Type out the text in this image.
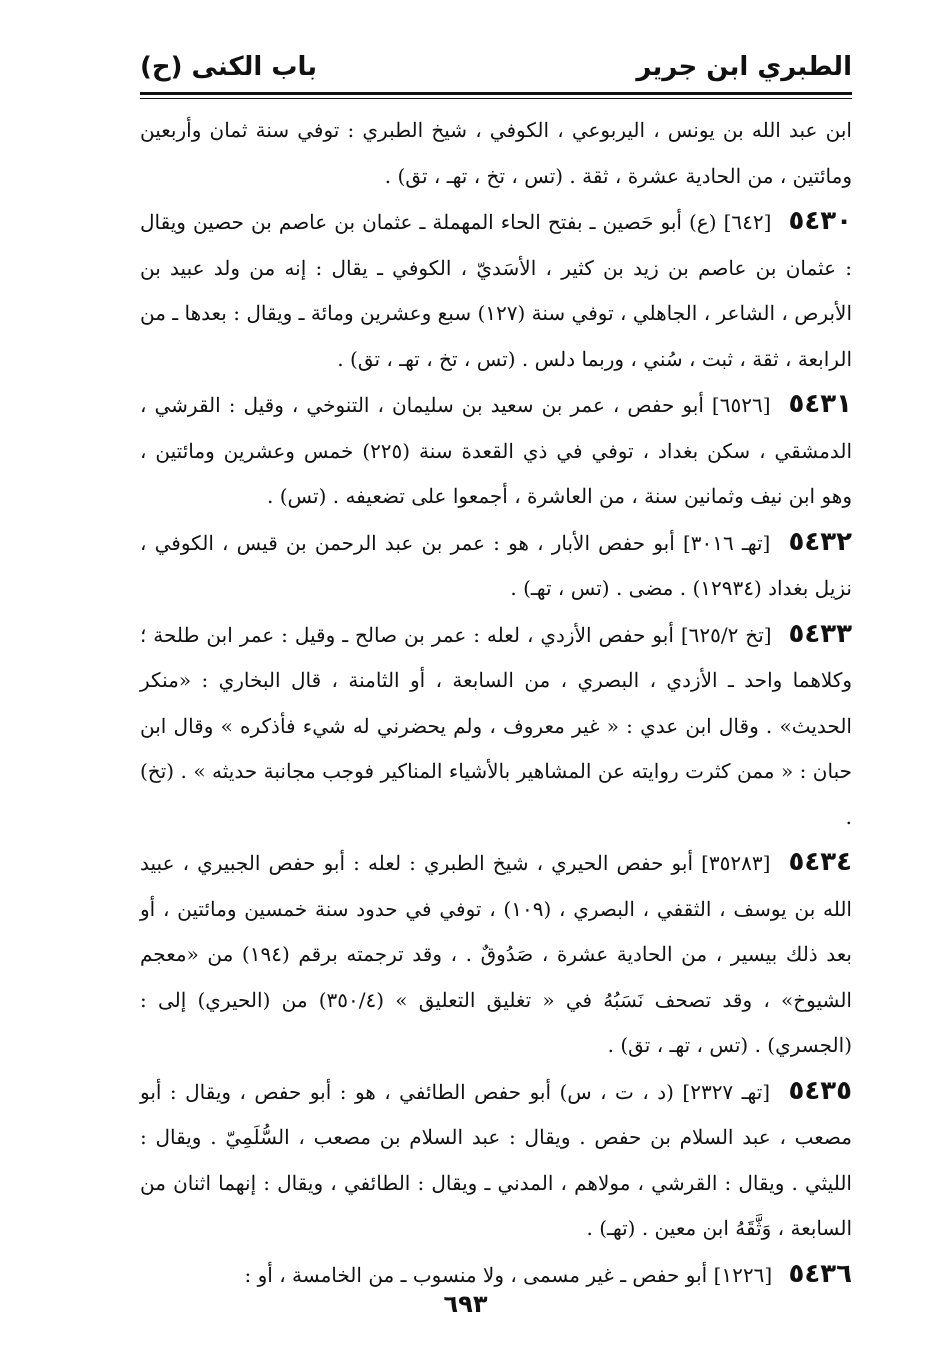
الطبري ابن جرير
باب الكنى (ح)

ابن عبد الله بن يونس ، اليربوعي ، الكوفي ، شيخ الطبري : توفي سنة ثمان وأربعين ومائتين ، من الحادية عشرة ، ثقة . (تس ، تخ ، تهـ ، تق) .

٥٤٣٠ [٦٤٢] (ع) أبو حَصين ـ بفتح الحاء المهملة ـ عثمان بن عاصم بن حصين ويقال : عثمان بن عاصم بن زيد بن كثير ، الأسَديّ ، الكوفي ـ يقال : إنه من ولد عبيد بن الأبرص ، الشاعر ، الجاهلي ، توفي سنة (١٢٧) سبع وعشرين ومائة ـ ويقال : بعدها ـ من الرابعة ، ثقة ، ثبت ، سُني ، وربما دلس . (تس ، تخ ، تهـ ، تق) .

٥٤٣١ [٦٥٢٦] أبو حفص ، عمر بن سعيد بن سليمان ، التنوخي ، وقيل : القرشي ، الدمشقي ، سكن بغداد ، توفي في ذي القعدة سنة (٢٢٥) خمس وعشرين ومائتين ، وهو ابن نيف وثمانين سنة ، من العاشرة ، أجمعوا على تضعيفه . (تس) .

٥٤٣٢ [تهـ ٣٠١٦] أبو حفص الأبار ، هو : عمر بن عبد الرحمن بن قيس ، الكوفي ، نزيل بغداد (١٢٩٣٤) . مضى . (تس ، تهـ) .

٥٤٣٣ [تخ ٦٢٥/٢] أبو حفص الأزدي ، لعله : عمر بن صالح ـ وقيل : عمر ابن طلحة ؛ وكلاهما واحد ـ الأزدي ، البصري ، من السابعة ، أو الثامنة ، قال البخاري : «منكر الحديث» . وقال ابن عدي : « غير معروف ، ولم يحضرني له شيء فأذكره » وقال ابن حبان : « ممن كثرت روايته عن المشاهير بالأشياء المناكير فوجب مجانبة حديثه » . (تخ) .

٥٤٣٤ [٣٥٢٨٣] أبو حفص الحيري ، شيخ الطبري : لعله : أبو حفص الجبيري ، عبيد الله بن يوسف ، الثقفي ، البصري ، (١٠٩) ، توفي في حدود سنة خمسين ومائتين ، أو بعد ذلك بيسير ، من الحادية عشرة ، صَدُوقٌ . ، وقد ترجمته برقم (١٩٤) من «معجم الشيوخ» ، وقد تصحف نَسَبُهُ في « تغليق التعليق » (٣٥٠/٤) من (الحيري) إلى : (الجسري) . (تس ، تهـ ، تق) .

٥٤٣٥ [تهـ ٢٣٢٧] (د ، ت ، س) أبو حفص الطائفي ، هو : أبو حفص ، ويقال : أبو مصعب ، عبد السلام بن حفص . ويقال : عبد السلام بن مصعب ، السُّلَمِيّ . ويقال : الليثي . ويقال : القرشي ، مولاهم ، المدني ـ ويقال : الطائفي ، ويقال : إنهما اثنان من السابعة ، وَثَّقَهُ ابن معين . (تهـ) .

٥٤٣٦ [١٢٢٦] أبو حفص ـ غير مسمى ، ولا منسوب ـ من الخامسة ، أو :

٦٩٣
